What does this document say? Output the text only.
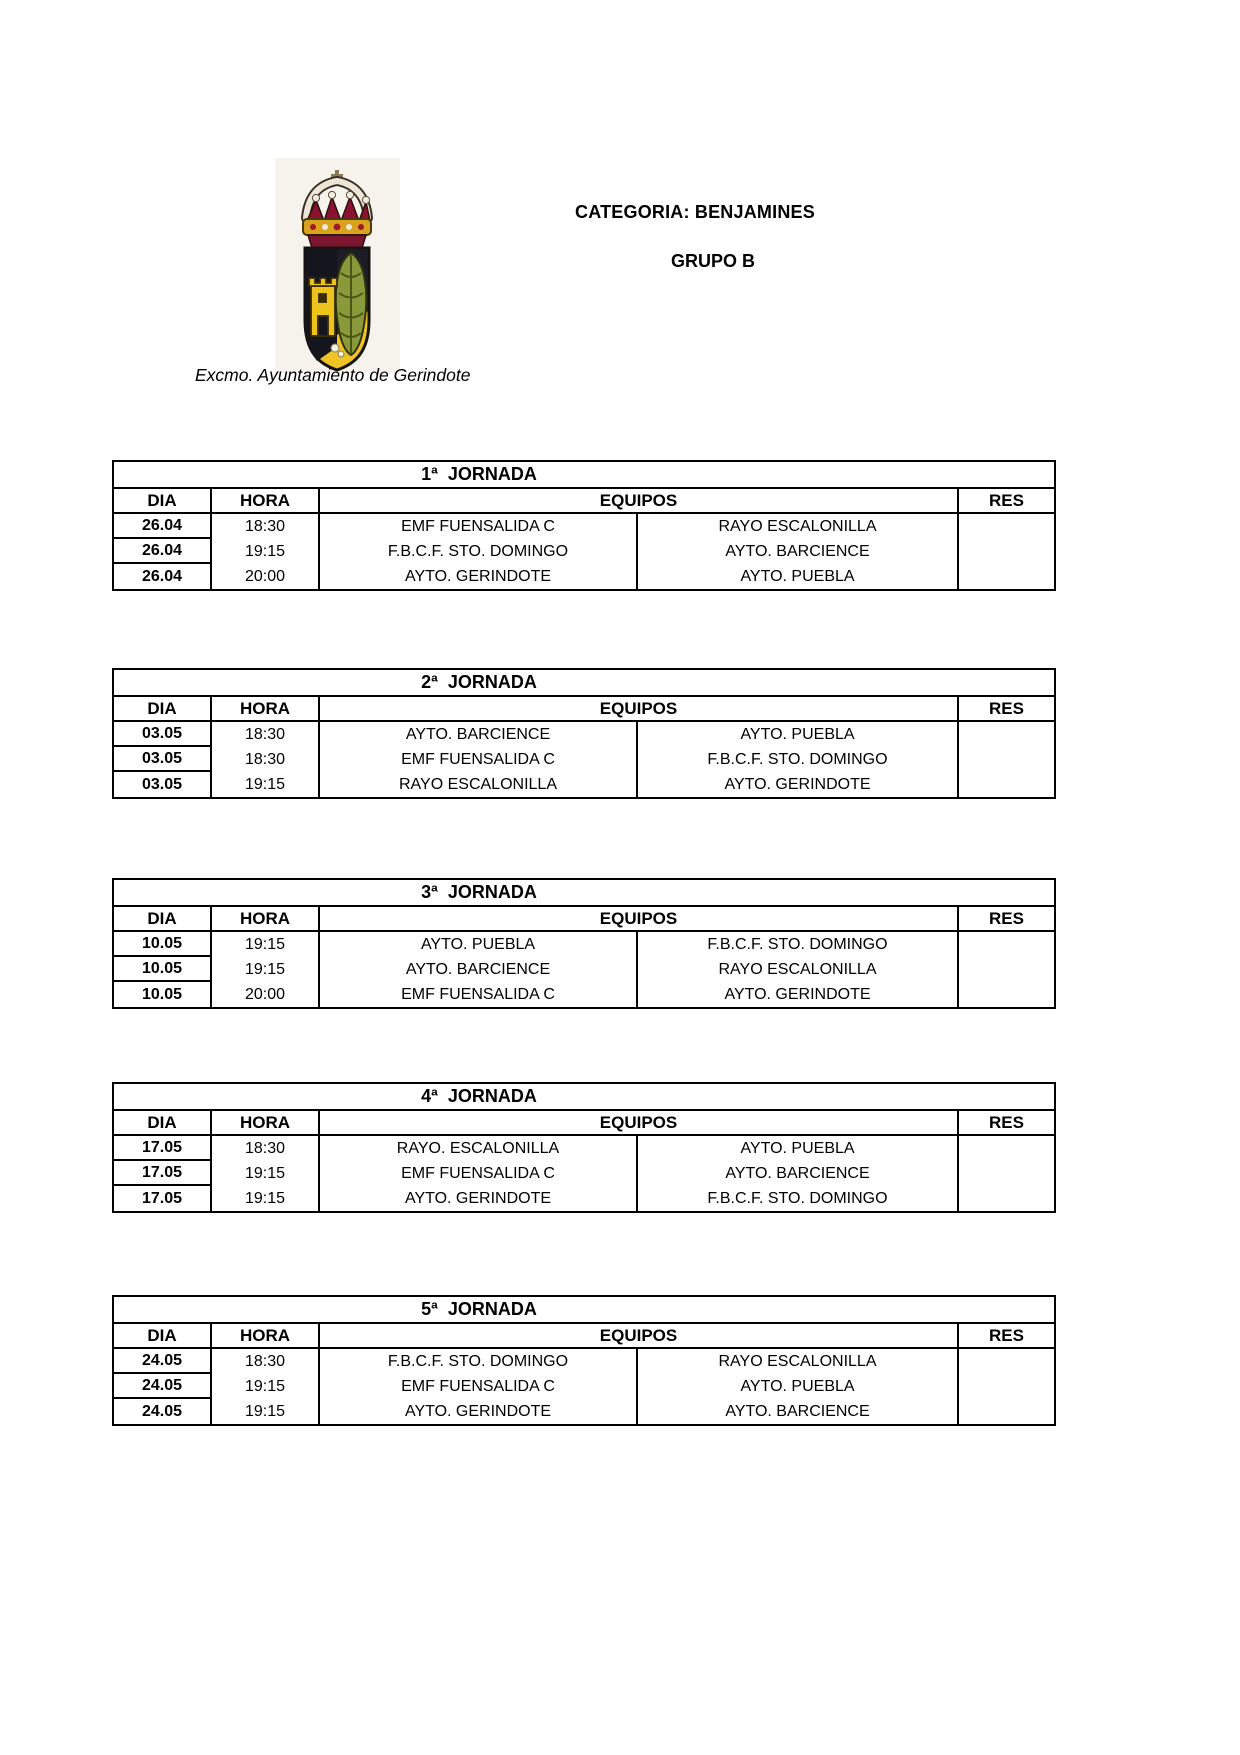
CATEGORIA: BENJAMINES
GRUPO B
Excmo. Ayuntamiento de Gerindote
1ª  JORNADA
DIA	HORA	EQUIPOS	RES
26.04	18:30	EMF FUENSALIDA C	RAYO ESCALONILLA
26.04	19:15	F.B.C.F. STO. DOMINGO	AYTO. BARCIENCE
26.04	20:00	AYTO. GERINDOTE	AYTO. PUEBLA
2ª  JORNADA
DIA	HORA	EQUIPOS	RES
03.05	18:30	AYTO. BARCIENCE	AYTO. PUEBLA
03.05	18:30	EMF FUENSALIDA C	F.B.C.F. STO. DOMINGO
03.05	19:15	RAYO ESCALONILLA	AYTO. GERINDOTE
3ª  JORNADA
DIA	HORA	EQUIPOS	RES
10.05	19:15	AYTO. PUEBLA	F.B.C.F. STO. DOMINGO
10.05	19:15	AYTO. BARCIENCE	RAYO ESCALONILLA
10.05	20:00	EMF FUENSALIDA C	AYTO. GERINDOTE
4ª  JORNADA
DIA	HORA	EQUIPOS	RES
17.05	18:30	RAYO. ESCALONILLA	AYTO. PUEBLA
17.05	19:15	EMF FUENSALIDA C	AYTO. BARCIENCE
17.05	19:15	AYTO. GERINDOTE	F.B.C.F. STO. DOMINGO
5ª  JORNADA
DIA	HORA	EQUIPOS	RES
24.05	18:30	F.B.C.F. STO. DOMINGO	RAYO ESCALONILLA
24.05	19:15	EMF FUENSALIDA C	AYTO. PUEBLA
24.05	19:15	AYTO. GERINDOTE	AYTO. BARCIENCE
